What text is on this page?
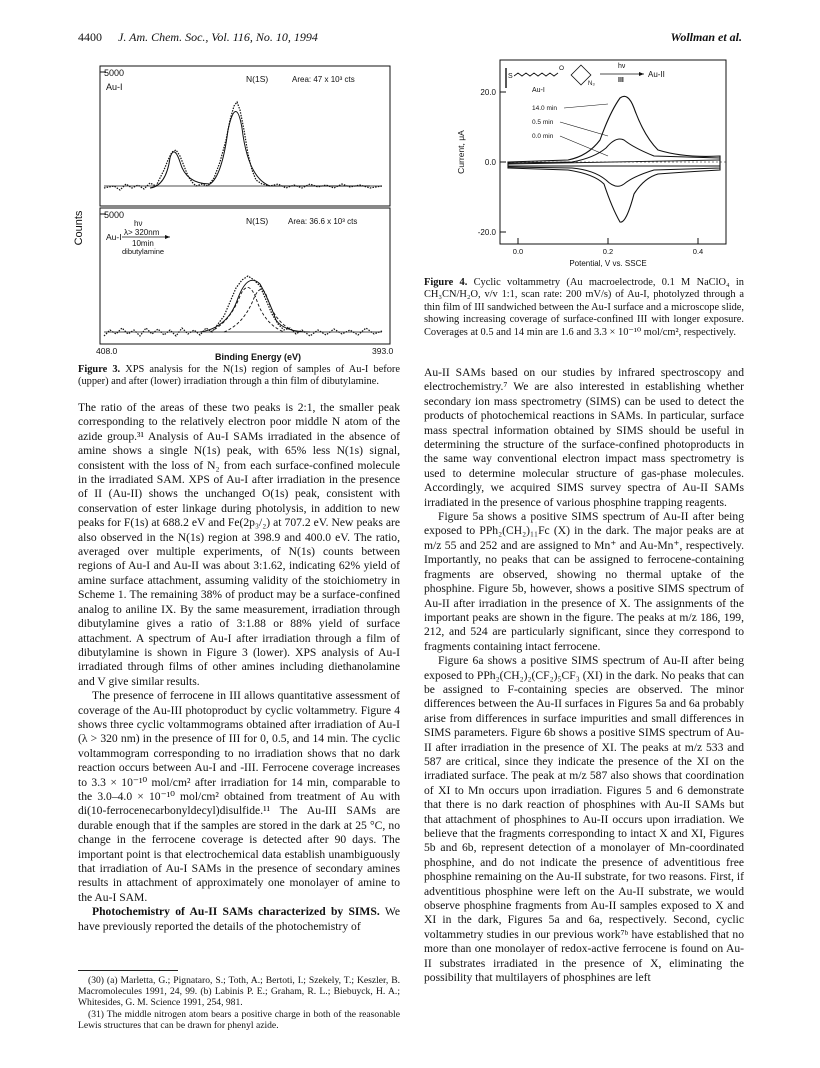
4400 J. Am. Chem. Soc., Vol. 116, No. 10, 1994	Wollman et al.
Counts
5000
Au-I
N(1S)	Area: 47 x 10³ cts
5000
Au-I
hν
λ> 320nm
10min
dibutylamine
N(1S) Area: 36.6 x 10³ cts
408.0	393.0
Binding Energy (eV)
Figure 3. XPS analysis for the N(1s) region of samples of Au-I before (upper) and after (lower) irradiation through a thin film of dibutylamine.
Current, μA
20.0
0.0
-20.0
S
O
N₃
Au-I
hν
III
Au-II
14.0 min
0.5 min
0.0 min
0.0	0.2	0.4
Potential, V vs. SSCE
Figure 4. Cyclic voltammetry (Au macroelectrode, 0.1 M NaClO₄ in CH₃CN/H₂O, v/v 1:1, scan rate: 200 mV/s) of Au-I, photolyzed through a thin film of III sandwiched between the Au-I surface and a microscope slide, showing increasing coverage of surface-confined III with longer exposure. Coverages at 0.5 and 14 min are 1.6 and 3.3 × 10⁻¹⁰ mol/cm², respectively.

The ratio of the areas of these two peaks is 2:1, the smaller peak corresponding to the relatively electron poor middle N atom of the azide group.³¹ Analysis of Au-I SAMs irradiated in the absence of amine shows a single N(1s) peak, with 65% less N(1s) signal, consistent with the loss of N₂ from each surface-confined molecule in the irradiated SAM. XPS of Au-I after irradiation in the presence of II (Au-II) shows the unchanged O(1s) peak, consistent with conservation of ester linkage during photolysis, in addition to new peaks for F(1s) at 688.2 eV and Fe(2p₃/₂) at 707.2 eV. New peaks are also observed in the N(1s) region at 398.9 and 400.0 eV. The ratio, averaged over multiple experiments, of N(1s) counts between regions of Au-I and Au-II was about 3:1.62, indicating 62% yield of amine surface attachment, assuming validity of the stoichiometry in Scheme 1. The remaining 38% of product may be a surface-confined analog to aniline IX. By the same measurement, irradiation through dibutylamine gives a ratio of 3:1.88 or 88% yield of surface attachment. A spectrum of Au-I after irradiation through a film of dibutylamine is shown in Figure 3 (lower). XPS analysis of Au-I irradiated through films of other amines including diethanolamine and V give similar results.

The presence of ferrocene in III allows quantitative assessment of coverage of the Au-III photoproduct by cyclic voltammetry. Figure 4 shows three cyclic voltammograms obtained after irradiation of Au-I (λ > 320 nm) in the presence of III for 0, 0.5, and 14 min. The cyclic voltammogram corresponding to no irradiation shows that no dark reaction occurs between Au-I and -III. Ferrocene coverage increases to 3.3 × 10⁻¹⁰ mol/cm² after irradiation for 14 min, comparable to the 3.0–4.0 × 10⁻¹⁰ mol/cm² obtained from treatment of Au with di(10-ferrocenecarbonyldecyl)disulfide.¹¹ The Au-III SAMs are durable enough that if the samples are stored in the dark at 25 °C, no change in the ferrocene coverage is detected after 90 days. The important point is that electrochemical data establish unambiguously that irradiation of Au-I SAMs in the presence of secondary amines results in attachment of approximately one monolayer of amine to the Au-I SAM.

Photochemistry of Au-II SAMs characterized by SIMS. We have previously reported the details of the photochemistry of

(30) (a) Marletta, G.; Pignataro, S.; Toth, A.; Bertoti, I.; Szekely, T.; Keszler, B. Macromolecules 1991, 24, 99. (b) Labinis P. E.; Graham, R. L.; Biebuyck, H. A.; Whitesides, G. M. Science 1991, 254, 981.

(31) The middle nitrogen atom bears a positive charge in both of the reasonable Lewis structures that can be drawn for phenyl azide.

Au-II SAMs based on our studies by infrared spectroscopy and electrochemistry.⁷ We are also interested in establishing whether secondary ion mass spectrometry (SIMS) can be used to detect the products of photochemical reactions in SAMs. In particular, surface mass spectral information obtained by SIMS should be useful in determining the structure of the surface-confined photoproducts in the same way conventional electron impact mass spectrometry is used to determine molecular structure of gas-phase molecules. Accordingly, we acquired SIMS survey spectra of Au-II SAMs irradiated in the presence of various phosphine trapping reagents.

Figure 5a shows a positive SIMS spectrum of Au-II after being exposed to PPh₂(CH₂)₁₁Fc (X) in the dark. The major peaks are at m/z 55 and 252 and are assigned to Mn⁺ and Au-Mn⁺, respectively. Importantly, no peaks that can be assigned to ferrocene-containing fragments are observed, showing no thermal uptake of the phosphine. Figure 5b, however, shows a positive SIMS spectrum of Au-II after irradiation in the presence of X. The assignments of the important peaks are shown in the figure. The peaks at m/z 186, 199, 212, and 524 are particularly significant, since they correspond to fragments containing intact ferrocene.

Figure 6a shows a positive SIMS spectrum of Au-II after being exposed to PPh₂(CH₂)₂(CF₂)₅CF₃ (XI) in the dark. No peaks that can be assigned to F-containing species are observed. The minor differences between the Au-II surfaces in Figures 5a and 6a probably arise from differences in surface impurities and small differences in SIMS parameters. Figure 6b shows a positive SIMS spectrum of Au-II after irradiation in the presence of XI. The peaks at m/z 533 and 587 are critical, since they indicate the presence of the XI on the irradiated surface. The peak at m/z 587 also shows that coordination of XI to Mn occurs upon irradiation. Figures 5 and 6 demonstrate that there is no dark reaction of phosphines with Au-II SAMs but that attachment of phosphines to Au-II occurs upon irradiation. We believe that the fragments corresponding to intact X and XI, Figures 5b and 6b, represent detection of a monolayer of Mn-coordinated phosphine, and do not indicate the presence of adventitious free phosphine remaining on the Au-II substrate, for two reasons. First, if adventitious phosphine were left on the Au-II substrate, we would observe phosphine fragments from Au-II samples exposed to X and XI in the dark, Figures 5a and 6a, respectively. Second, cyclic voltammetry studies in our previous work⁷ᵇ have established that no more than one monolayer of redox-active ferrocene is found on Au-II substrates irradiated in the presence of X, eliminating the possibility that multilayers of phosphines are left
